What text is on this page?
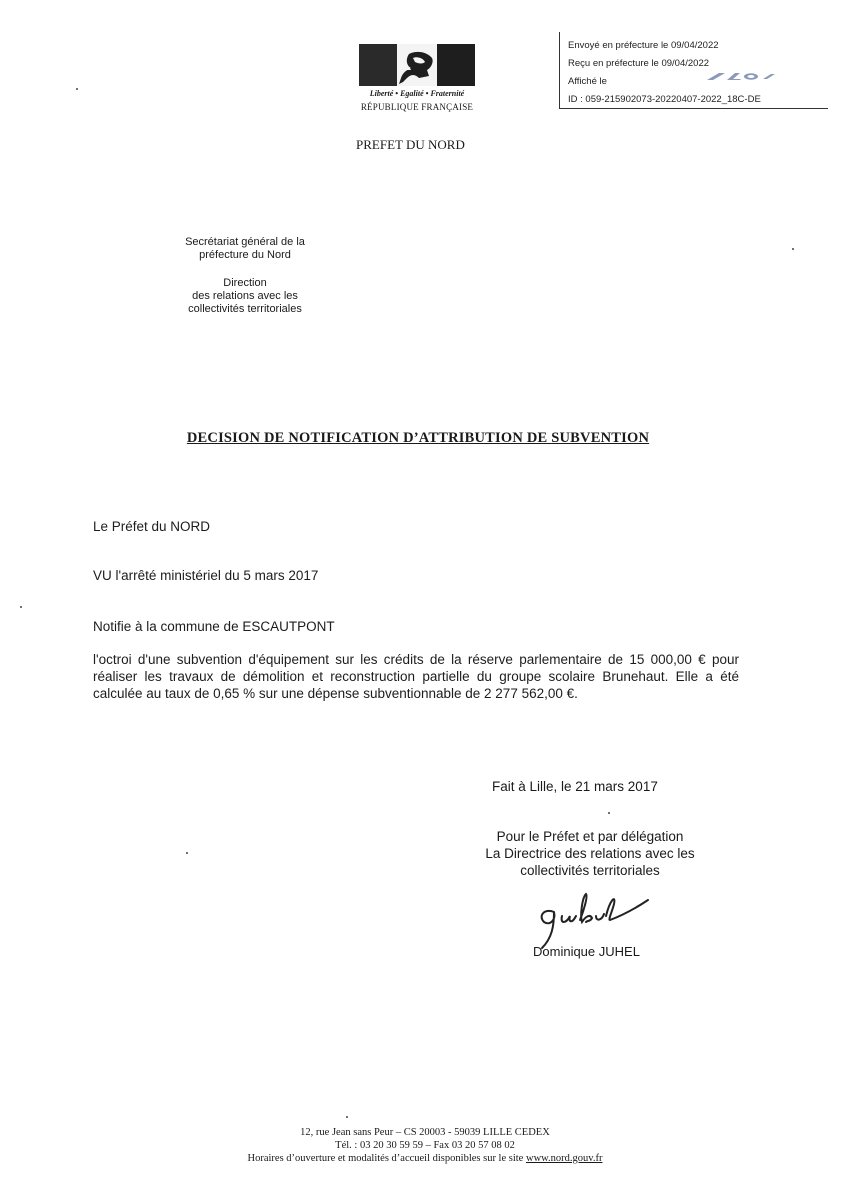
Envoyé en préfecture le 09/04/2022
Reçu en préfecture le 09/04/2022
Affiché le
ID : 059-215902073-20220407-2022_18C-DE
Liberté • Egalité • Fraternité
RÉPUBLIQUE FRANÇAISE
PREFET DU NORD
Secrétariat général de la
préfecture du Nord
Direction
des relations avec les
collectivités territoriales
DECISION DE NOTIFICATION D’ATTRIBUTION DE SUBVENTION
Le Préfet du NORD
VU l'arrêté ministériel du 5 mars 2017
Notifie à la commune de ESCAUTPONT
l'octroi d'une subvention d'équipement sur les crédits de la réserve parlementaire de 15 000,00 € pour réaliser les travaux de démolition et reconstruction partielle du groupe scolaire Brunehaut. Elle a été calculée au taux de 0,65 % sur une dépense subventionnable de 2 277 562,00 €.
Fait à Lille, le 21 mars 2017
Pour le Préfet et par délégation
La Directrice des relations avec les
collectivités territoriales
Dominique JUHEL
12, rue Jean sans Peur – CS 20003 - 59039 LILLE CEDEX
Tél. : 03 20 30 59 59 – Fax 03 20 57 08 02
Horaires d’ouverture et modalités d’accueil disponibles sur le site www.nord.gouv.fr
